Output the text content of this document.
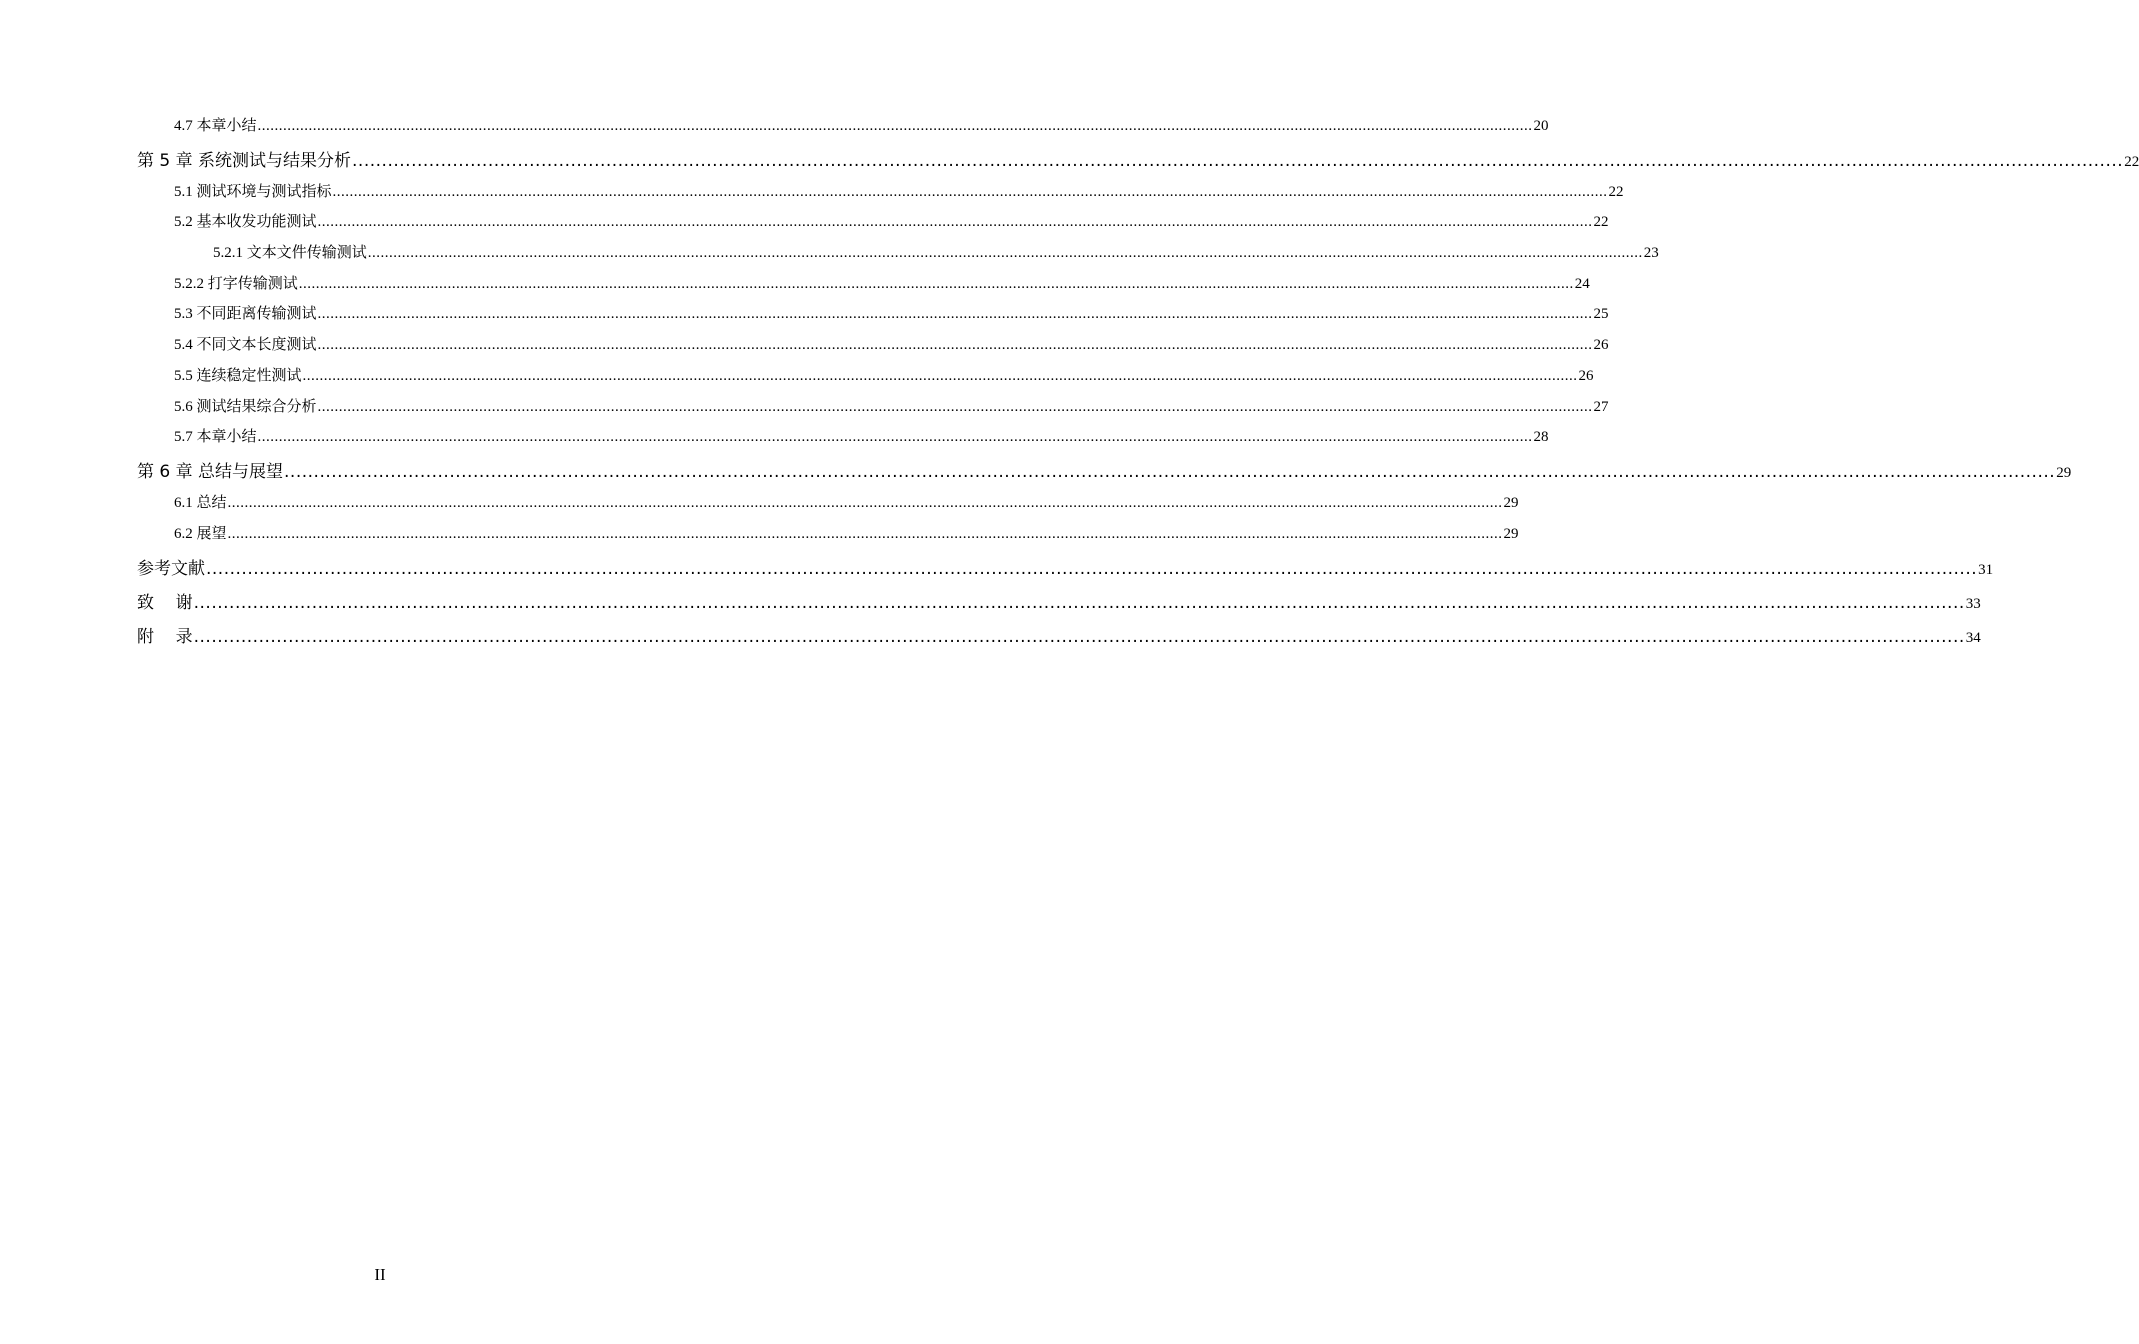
4.7 本章小结 ............................................................................................................................................................................................................................................................................................................ 20
第 5 章 系统测试与结果分析 ............................................................................................................................................................................................................................................................................................................ 22
5.1 测试环境与测试指标 ............................................................................................................................................................................................................................................................................................................ 22
5.2 基本收发功能测试 ............................................................................................................................................................................................................................................................................................................ 22
5.2.1 文本文件传输测试 ............................................................................................................................................................................................................................................................................................................ 23
5.2.2 打字传输测试 ............................................................................................................................................................................................................................................................................................................ 24
5.3 不同距离传输测试 ............................................................................................................................................................................................................................................................................................................ 25
5.4 不同文本长度测试 ............................................................................................................................................................................................................................................................................................................ 26
5.5 连续稳定性测试 ............................................................................................................................................................................................................................................................................................................ 26
5.6 测试结果综合分析 ............................................................................................................................................................................................................................................................................................................ 27
5.7 本章小结 ............................................................................................................................................................................................................................................................................................................ 28
第 6 章 总结与展望 ............................................................................................................................................................................................................................................................................................................ 29
6.1 总结 ............................................................................................................................................................................................................................................................................................................ 29
6.2 展望 ............................................................................................................................................................................................................................................................................................................ 29
参考文献 ............................................................................................................................................................................................................................................................................................................ 31
致    谢 ............................................................................................................................................................................................................................................................................................................ 33
附    录 ............................................................................................................................................................................................................................................................................................................ 34
II
